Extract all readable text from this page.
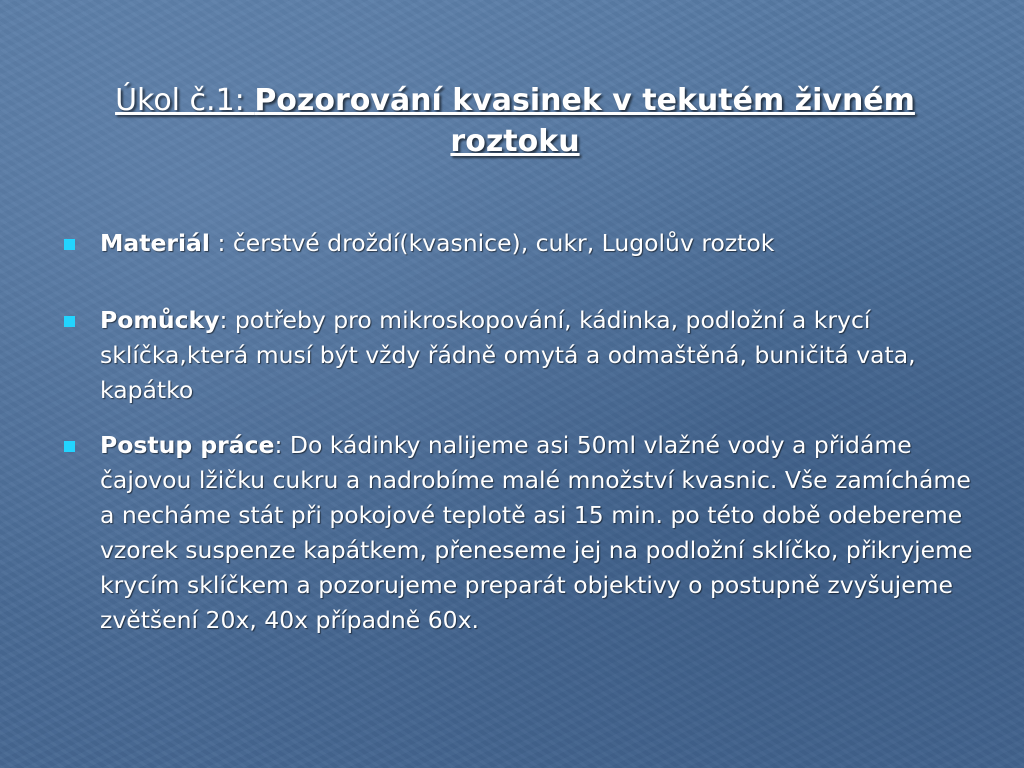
Úkol č.1: Pozorování kvasinek v tekutém živném roztoku
Materiál : čerstvé droždí(kvasnice), cukr, Lugolův roztok
Pomůcky: potřeby pro mikroskopování, kádinka, podložní a krycí sklíčka,která musí být vždy řádně omytá a odmaštěná, buničitá vata, kapátko
Postup práce: Do kádinky nalijeme asi 50ml vlažné vody a přidáme čajovou lžičku cukru a nadrobíme malé množství kvasnic. Vše zamícháme a necháme stát při pokojové teplotě asi 15 min. po této době odebereme vzorek suspenze kapátkem, přeneseme jej na podložní sklíčko, přikryjeme krycím sklíčkem a pozorujeme preparát objektivy o postupně zvyšujeme zvětšení 20x, 40x případně 60x.
